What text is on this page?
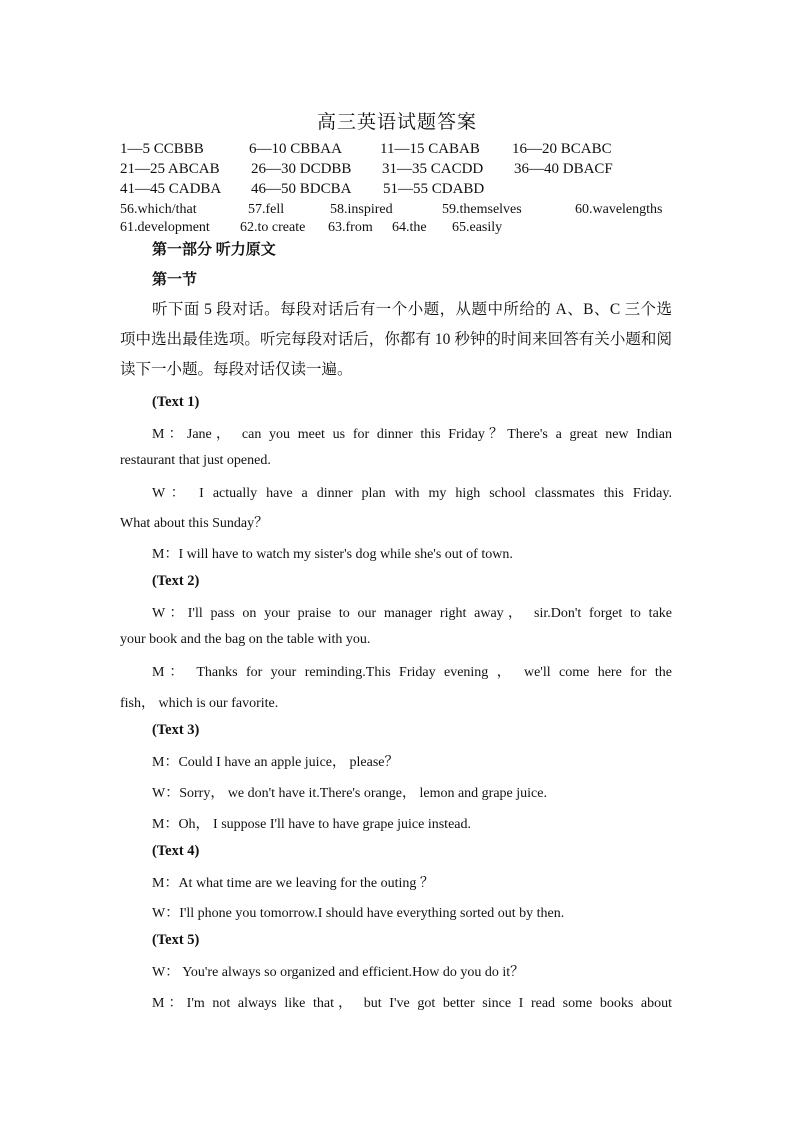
高三英语试题答案
1—5 CCBBB	6—10 CBBAA	11—15 CABAB 16—20 BCABC
21—25 ABCAB 26—30 DCDBB 31—35 CACDD 36—40 DBACF
41—45 CADBA 46—50 BDCBA 51—55 CDABD
56.which/that	57.fell	58.inspired	59.themselves	60.wavelengths
61.development 62.to create 63.from 64.the 65.easily
第一部分 听力原文
第一节
听下面 5 段对话。每段对话后有一个小题，从题中所给的 A、B、C 三个选项中选出最佳选项。听完每段对话后，你都有 10 秒钟的时间来回答有关小题和阅读下一小题。每段对话仅读一遍。
(Text 1)
M：Jane， can you meet us for dinner this Friday？There's a great new Indian
restaurant that just opened.
W： I actually have a dinner plan with my high school classmates this Friday.
What about this Sunday？
M：I will have to watch my sister's dog while she's out of town.
(Text 2)
W：I'll pass on your praise to our manager right away， sir.Don't forget to take
your book and the bag on the table with you.
M： Thanks for your reminding.This Friday evening ， we'll come here for the
fish， which is our favorite.
(Text 3)
M：Could I have an apple juice， please？
W：Sorry， we don't have it.There's orange， lemon and grape juice.
M：Oh， I suppose I'll have to have grape juice instead.
(Text 4)
M：At what time are we leaving for the outing ？
W：I'll phone you tomorrow.I should have everything sorted out by then.
(Text 5)
W： You're always so organized and efficient.How do you do it？
M：I'm not always like that， but I've got better since I read some books about
